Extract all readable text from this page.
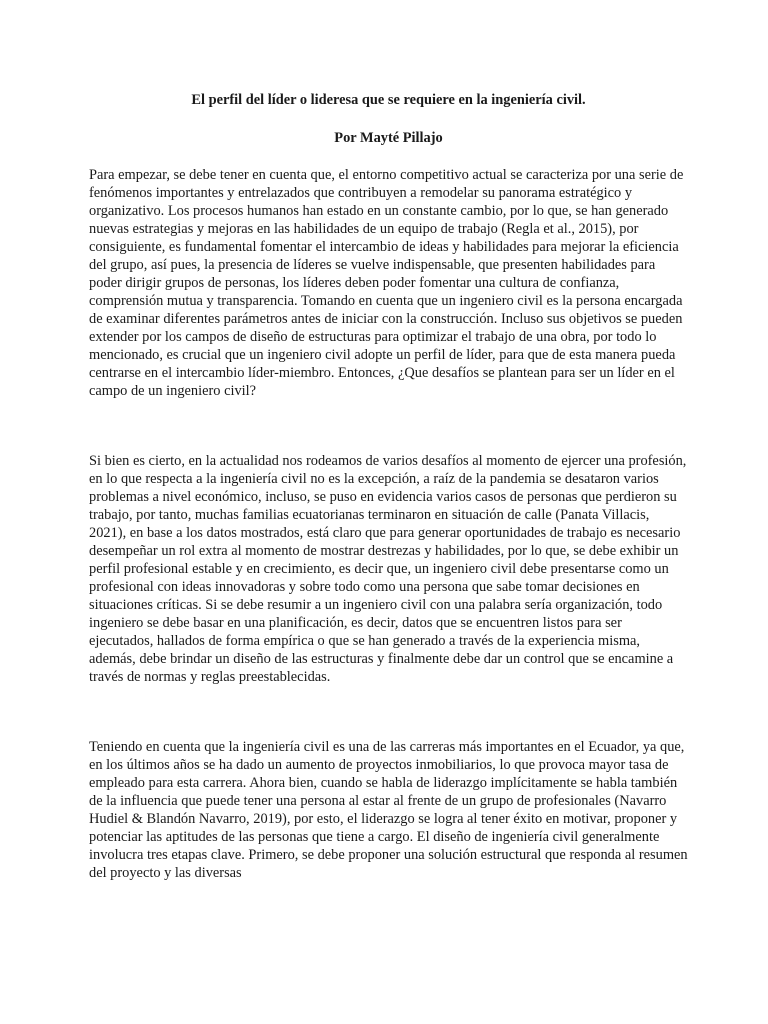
El perfil del líder o lideresa que se requiere en la ingeniería civil.

Por Mayté Pillajo

Para empezar, se debe tener en cuenta que, el entorno competitivo actual se caracteriza por una serie de fenómenos importantes y entrelazados que contribuyen a remodelar su panorama estratégico y organizativo. Los procesos humanos han estado en un constante cambio, por lo que, se han generado nuevas estrategias y mejoras en las habilidades de un equipo de trabajo (Regla et al., 2015), por consiguiente, es fundamental fomentar el intercambio de ideas y habilidades para mejorar la eficiencia del grupo, así pues, la presencia de líderes se vuelve indispensable, que presenten habilidades para poder dirigir grupos de personas, los líderes deben poder fomentar una cultura de confianza, comprensión mutua y transparencia. Tomando en cuenta que un ingeniero civil es la persona encargada de examinar diferentes parámetros antes de iniciar con la construcción. Incluso sus objetivos se pueden extender por los campos de diseño de estructuras para optimizar el trabajo de una obra, por todo lo mencionado, es crucial que un ingeniero civil adopte un perfil de líder, para que de esta manera pueda centrarse en el intercambio líder-miembro. Entonces, ¿Que desafíos se plantean para ser un líder en el campo de un ingeniero civil?

Si bien es cierto, en la actualidad nos rodeamos de varios desafíos al momento de ejercer una profesión, en lo que respecta a la ingeniería civil no es la excepción, a raíz de la pandemia se desataron varios problemas a nivel económico, incluso, se puso en evidencia varios casos de personas que perdieron su trabajo, por tanto, muchas familias ecuatorianas terminaron en situación de calle (Panata Villacis, 2021), en base a los datos mostrados, está claro que para generar oportunidades de trabajo es necesario desempeñar un rol extra al momento de mostrar destrezas y habilidades, por lo que, se debe exhibir un perfil profesional estable y en crecimiento, es decir que, un ingeniero civil debe presentarse como un profesional con ideas innovadoras y sobre todo como una persona que sabe tomar decisiones en situaciones críticas. Si se debe resumir a un ingeniero civil con una palabra sería organización, todo ingeniero se debe basar en una planificación, es decir, datos que se encuentren listos para ser ejecutados, hallados de forma empírica o que se han generado a través de la experiencia misma, además, debe brindar un diseño de las estructuras y finalmente debe dar un control que se encamine a través de normas y reglas preestablecidas.

Teniendo en cuenta que la ingeniería civil es una de las carreras más importantes en el Ecuador, ya que, en los últimos años se ha dado un aumento de proyectos inmobiliarios, lo que provoca mayor tasa de empleado para esta carrera. Ahora bien, cuando se habla de liderazgo implícitamente se habla también de la influencia que puede tener una persona al estar al frente de un grupo de profesionales (Navarro Hudiel & Blandón Navarro, 2019), por esto, el liderazgo se logra al tener éxito en motivar, proponer y potenciar las aptitudes de las personas que tiene a cargo. El diseño de ingeniería civil generalmente involucra tres etapas clave. Primero, se debe proponer una solución estructural que responda al resumen del proyecto y las diversas
